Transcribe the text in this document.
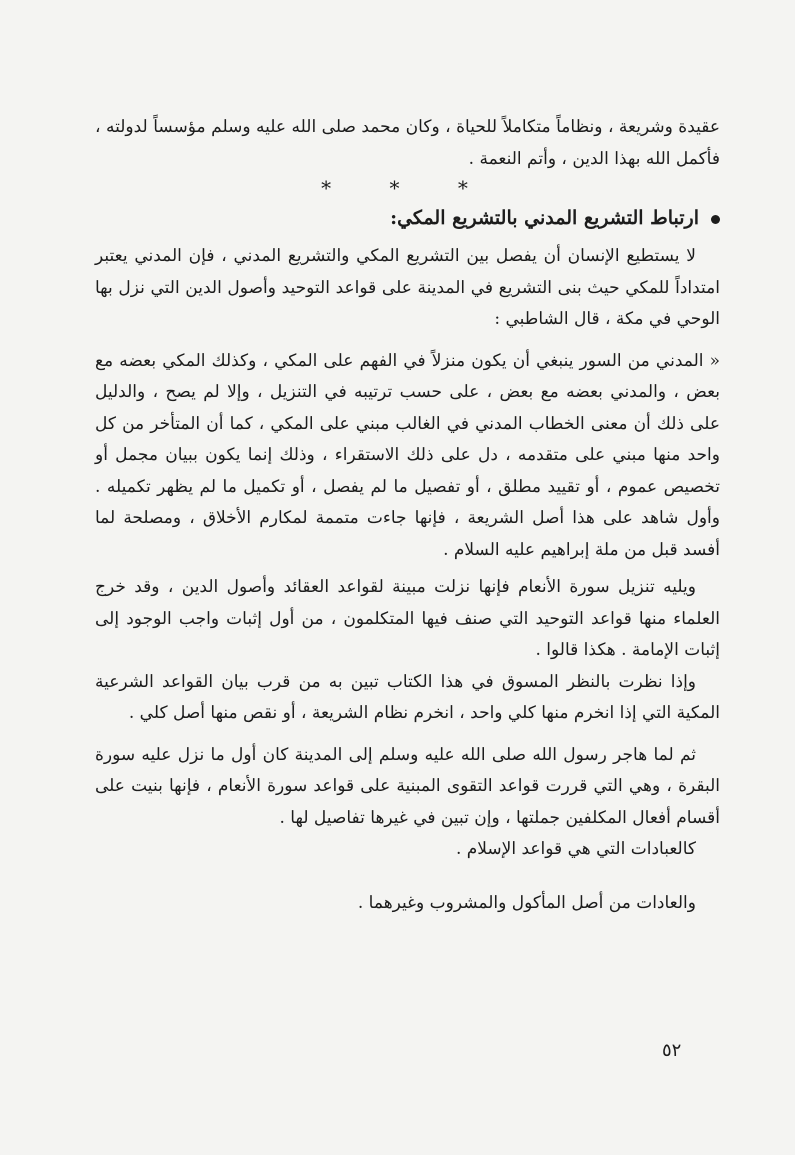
عقيدة وشريعة ، ونظاماً متكاملاً للحياة ، وكان محمد صلى الله عليه وسلم مؤسساً لدولته ، فأكمل الله بهذا الدين ، وأتم النعمة .

* * *
ارتباط التشريع المدني بالتشريع المكي:

لا يستطيع الإنسان أن يفصل بين التشريع المكي والتشريع المدني ، فإن المدني يعتبر امتداداً للمكي حيث بنى التشريع في المدينة على قواعد التوحيد وأصول الدين التي نزل بها الوحي في مكة ، قال الشاطبي :

« المدني من السور ينبغي أن يكون منزلاً في الفهم على المكي ، وكذلك المكي بعضه مع بعض ، والمدني بعضه مع بعض ، على حسب ترتيبه في التنزيل ، وإلا لم يصح ، والدليل على ذلك أن معنى الخطاب المدني في الغالب مبني على المكي ، كما أن المتأخر من كل واحد منها مبني على متقدمه ، دل على ذلك الاستقراء ، وذلك إنما يكون ببيان مجمل أو تخصيص عموم ، أو تقييد مطلق ، أو تفصيل ما لم يفصل ، أو تكميل ما لم يظهر تكميله . وأول شاهد على هذا أصل الشريعة ، فإنها جاءت متممة لمكارم الأخلاق ، ومصلحة لما أفسد قبل من ملة إبراهيم عليه السلام .

ويليه تنزيل سورة الأنعام فإنها نزلت مبينة لقواعد العقائد وأصول الدين ، وقد خرج العلماء منها قواعد التوحيد التي صنف فيها المتكلمون ، من أول إثبات واجب الوجود إلى إثبات الإمامة . هكذا قالوا .

وإذا نظرت بالنظر المسوق في هذا الكتاب تبين به من قرب بيان القواعد الشرعية المكية التي إذا انخرم منها كلي واحد ، انخرم نظام الشريعة ، أو نقص منها أصل كلي .

ثم لما هاجر رسول الله صلى الله عليه وسلم إلى المدينة كان أول ما نزل عليه سورة البقرة ، وهي التي قررت قواعد التقوى المبنية على قواعد سورة الأنعام ، فإنها بنيت على أقسام أفعال المكلفين جملتها ، وإن تبين في غيرها تفاصيل لها .

كالعبادات التي هي قواعد الإسلام .

والعادات من أصل المأكول والمشروب وغيرهما .

٥٢
